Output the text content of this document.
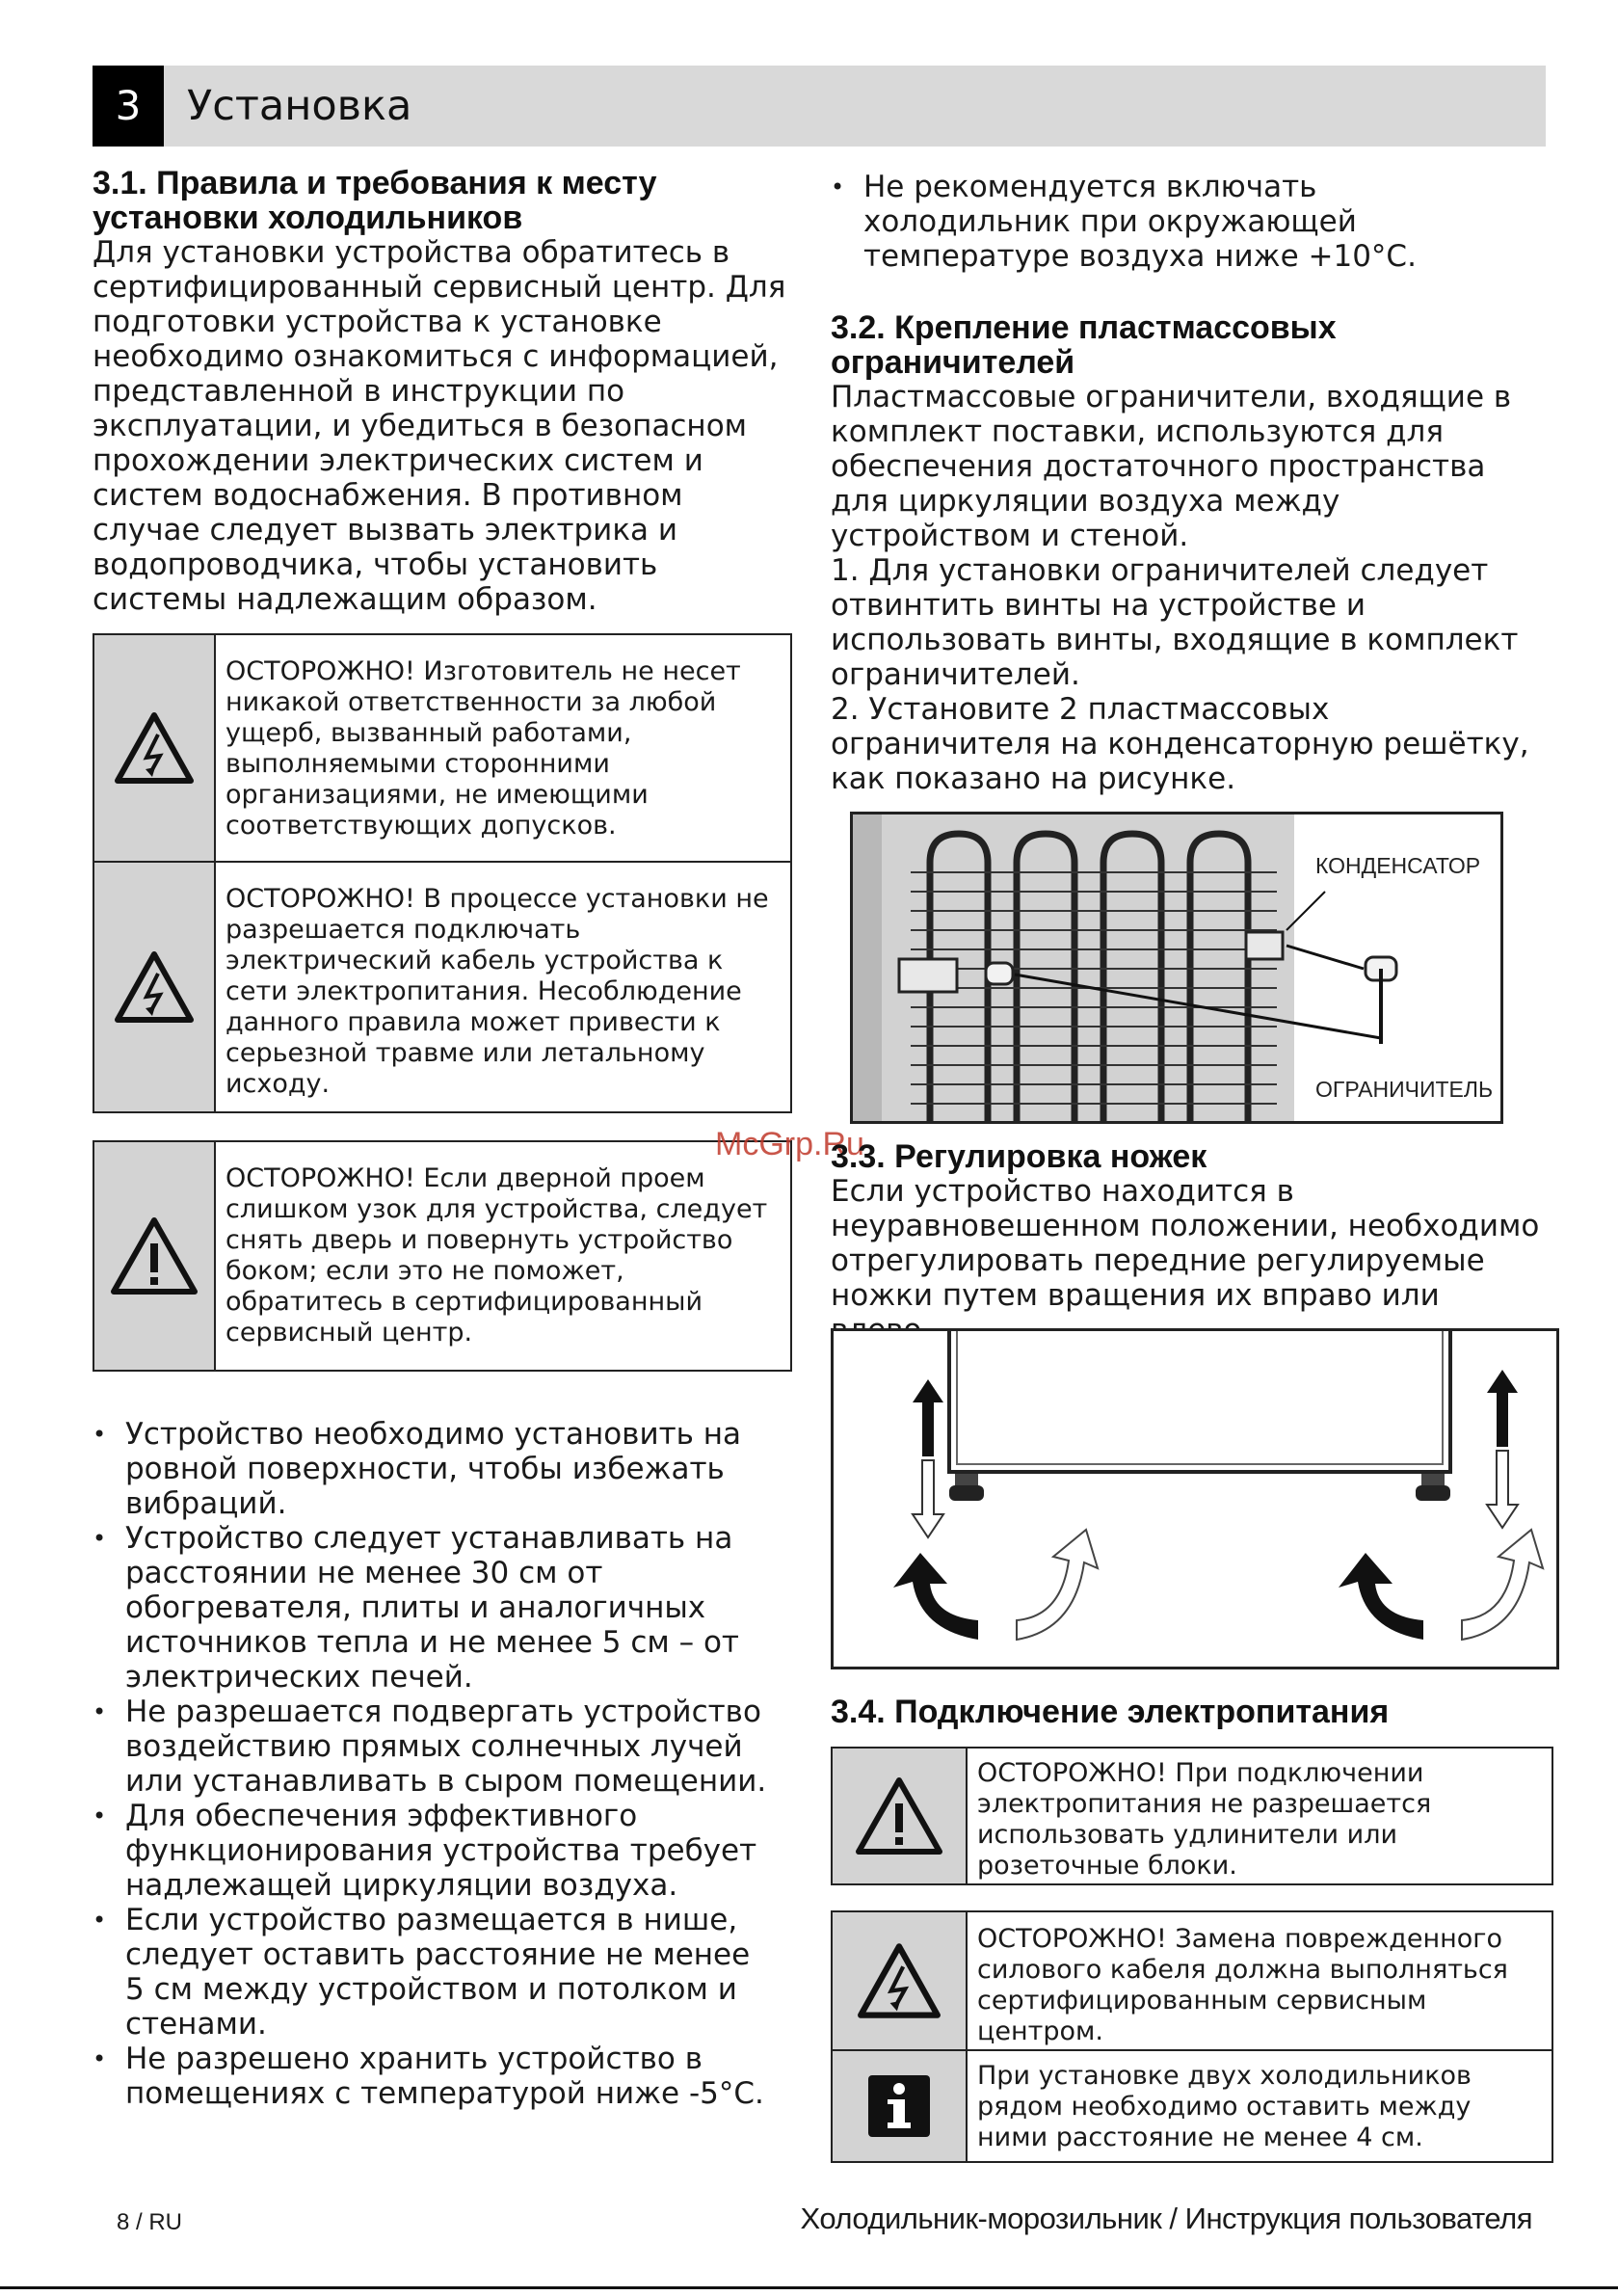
3	Установка
3.1. Правила и требования к месту установки холодильников

Для установки устройства обратитесь в сертифицированный сервисный центр. Для подготовки устройства к установке необходимо ознакомиться с информацией, представленной в инструкции по эксплуатации, и убедиться в безопасном прохождении электрических систем и систем водоснабжения. В противном случае следует вызвать электрика и водопроводчика, чтобы установить системы надлежащим образом.

ОСТОРОЖНО! Изготовитель не несет никакой ответственности за любой ущерб, вызванный работами, выполняемыми сторонними организациями, не имеющими соответствующих допусков.
ОСТОРОЖНО! В процессе установки не разрешается подключать электрический кабель устройства к сети электропитания. Несоблюдение данного правила может привести к серьезной травме или летальному исходу.
ОСТОРОЖНО! Если дверной проем слишком узок для устройства, следует снять дверь и повернуть устройство боком; если это не поможет, обратитесь в сертифицированный сервисный центр.
• Устройство необходимо установить на ровной поверхности, чтобы избежать вибраций.
• Устройство следует устанавливать на расстоянии не менее 30 см от обогревателя, плиты и аналогичных источников тепла и не менее 5 см – от электрических печей.
• Не разрешается подвергать устройство воздействию прямых солнечных лучей или устанавливать в сыром помещении.
• Для обеспечения эффективного функционирования устройства требует надлежащей циркуляции воздуха.
• Если устройство размещается в нише, следует оставить расстояние не менее 5 см между устройством и потолком и стенами.
• Не разрешено хранить устройство в помещениях с температурой ниже -5°C.
• Не рекомендуется включать холодильник при окружающей температуре воздуха ниже +10°C.
3.2. Крепление пластмассовых ограничителей

Пластмассовые ограничители, входящие в комплект поставки, используются для обеспечения достаточного пространства для циркуляции воздуха между устройством и стеной.
1. Для установки ограничителей следует отвинтить винты на устройстве и использовать винты, входящие в комплект ограничителей.
2. Установите 2 пластмассовых ограничителя на конденсаторную решётку, как показано на рисунке.

КОНДЕНСАТОР
ОГРАНИЧИТЕЛЬ
McGrp.Ru
3.3. Регулировка ножек

Если устройство находится в неуравновешенном положении, необходимо отрегулировать передние регулируемые ножки путем вращения их вправо или

3.4. Подключение электропитания
ОСТОРОЖНО! При подключении электропитания не разрешается использовать удлинители или розеточные блоки.
ОСТОРОЖНО! Замена поврежденного силового кабеля должна выполняться сертифицированным сервисным центром.
При установке двух холодильников рядом необходимо оставить между ними расстояние не менее 4 см.
8 / RU	Холодильник-морозильник / Инструкция пользователя
